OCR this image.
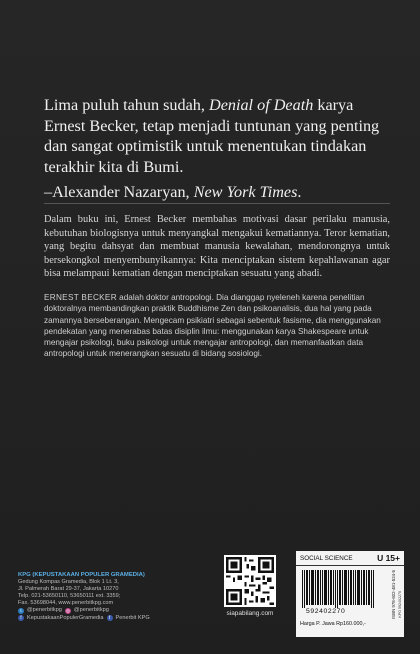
Lima puluh tahun sudah, Denial of Death karya Ernest Becker, tetap menjadi tuntunan yang penting dan sangat optimistik untuk menentukan tindakan terakhir kita di Bumi.

–Alexander Nazaryan, New York Times.

Dalam buku ini, Ernest Becker membahas motivasi dasar perilaku manusia, kebutuhan biologisnya untuk menyangkal mengakui kematiannya. Teror kematian, yang begitu dahsyat dan membuat manusia kewalahan, mendorongnya untuk bersekongkol menyembunyikannya: Kita menciptakan sistem kepahlawanan agar bisa melampaui kematian dengan menciptakan sesuatu yang abadi.

ERNEST BECKER adalah doktor antropologi. Dia dianggap nyeleneh karena penelitian doktoralnya membandingkan praktik Buddhisme Zen dan psikoanalisis, dua hal yang pada zamannya berseberangan. Mengecam psikiatri sebagai sebentuk fasisme, dia menggunakan pendekatan yang menerabas batas disiplin ilmu: menggunakan karya Shakespeare untuk mengajar psikologi, buku psikologi untuk mengajar antropologi, dan memanfaatkan data antropologi untuk menerangkan sesuatu di bidang sosiologi.

KPG (KEPUSTAKAAN POPULER GRAMEDIA)
Gedung Kompas Gramedia, Blok 1 Lt. 3,
Jl. Palmerah Barat 29-37, Jakarta 10270
Telp. 021-53650110, 53650111 ext. 3359;
Fax. 53698044, www.penerbitkpg.com
t @penerbitkpg ◎ @penerbitkpg
f KepustakaanPopulerGramedia	f Penerbit KPG
siapabilang.com
SOCIAL SCIENCE	U 15+
592402270
Harga P. Jawa Rp160.000,-
ISBN 978-602-481-524-5 KPG 592402270
